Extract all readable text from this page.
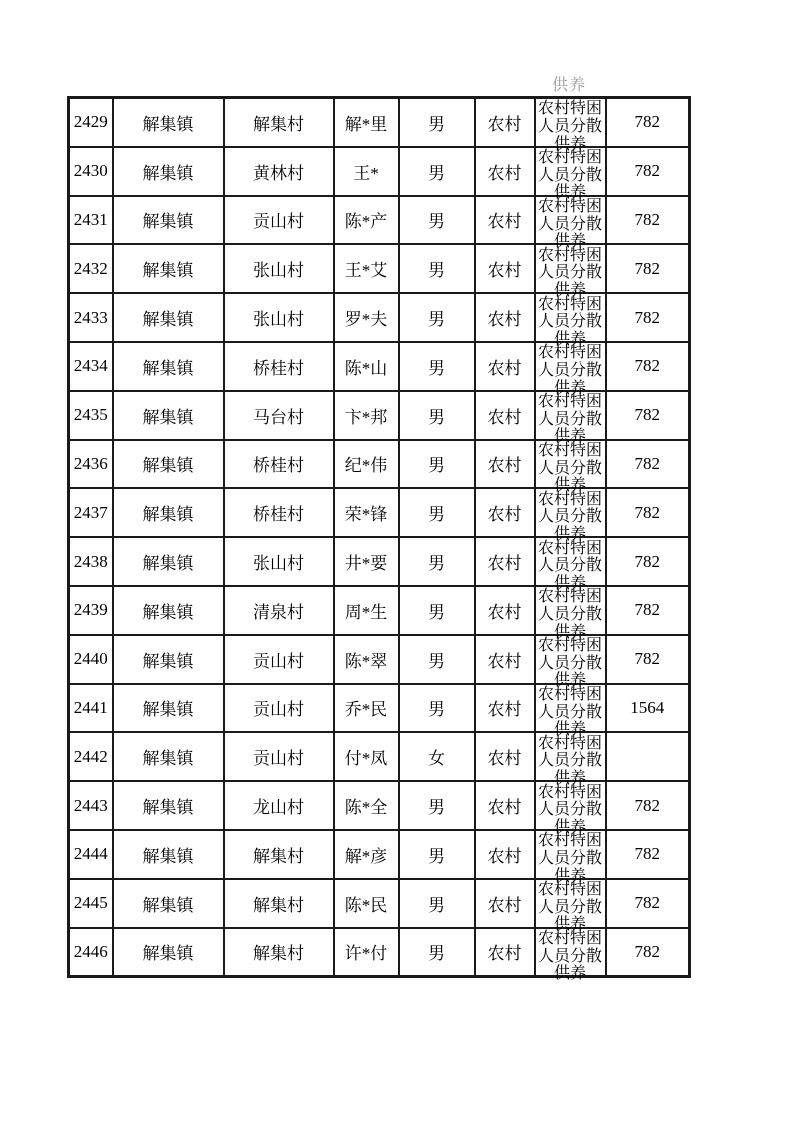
供养
2429	解集镇	解集村	解*里	男	农村	农村特困人员分散供养	782
2430	解集镇	黄林村	王*	男	农村	农村特困人员分散供养	782
2431	解集镇	贡山村	陈*产	男	农村	农村特困人员分散供养	782
2432	解集镇	张山村	王*艾	男	农村	农村特困人员分散供养	782
2433	解集镇	张山村	罗*夫	男	农村	农村特困人员分散供养	782
2434	解集镇	桥桂村	陈*山	男	农村	农村特困人员分散供养	782
2435	解集镇	马台村	卞*邦	男	农村	农村特困人员分散供养	782
2436	解集镇	桥桂村	纪*伟	男	农村	农村特困人员分散供养	782
2437	解集镇	桥桂村	荣*锋	男	农村	农村特困人员分散供养	782
2438	解集镇	张山村	井*要	男	农村	农村特困人员分散供养	782
2439	解集镇	清泉村	周*生	男	农村	农村特困人员分散供养	782
2440	解集镇	贡山村	陈*翠	男	农村	农村特困人员分散供养	782
2441	解集镇	贡山村	乔*民	男	农村	农村特困人员分散供养	1564
2442	解集镇	贡山村	付*凤	女	农村	农村特困人员分散供养	

2443	解集镇	龙山村	陈*全	男	农村	农村特困人员分散供养	782
2444	解集镇	解集村	解*彦	男	农村	农村特困人员分散供养	782
2445	解集镇	解集村	陈*民	男	农村	农村特困人员分散供养	782
2446	解集镇	解集村	许*付	男	农村	农村特困人员分散供养	782
